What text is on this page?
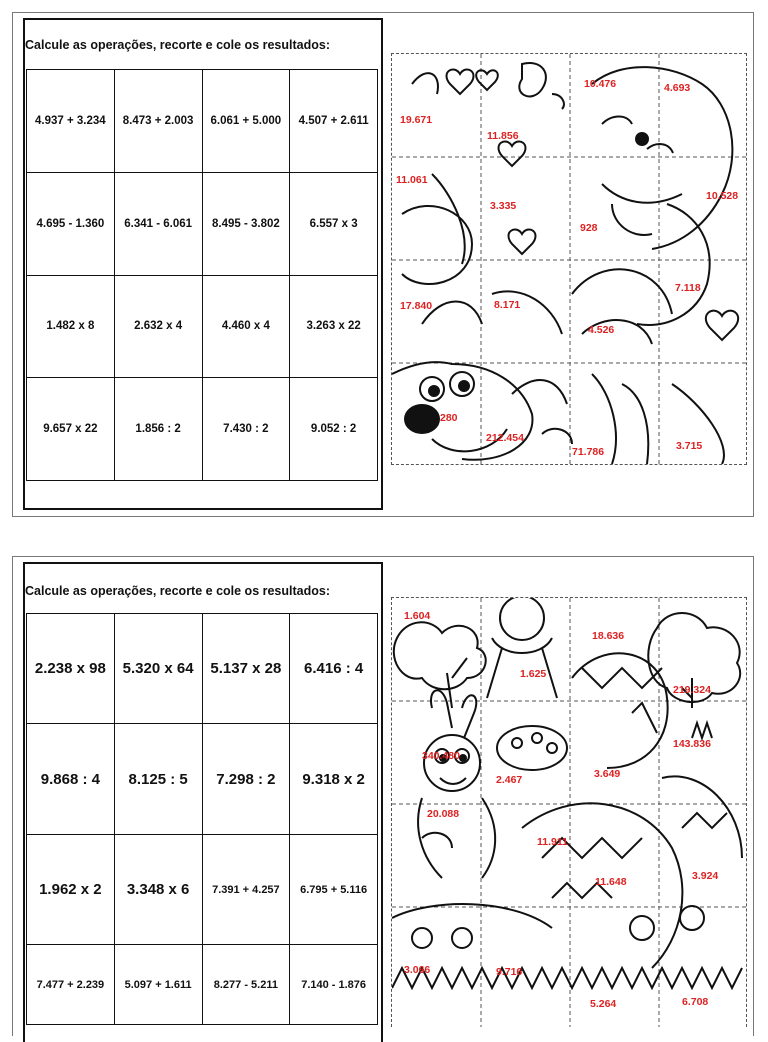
Calcule as operações, recorte e cole os resultados:
4.937 + 3.234	8.473 + 2.003	6.061 + 5.000	4.507 + 2.611
4.695 - 1.360	6.341 - 6.061	8.495 - 3.802	6.557 x 3
1.482 x 8	2.632 x 4	4.460 x 4	3.263 x 22
9.657 x 22	1.856 : 2	7.430 : 2	9.052 : 2
19.671
11.856
10.476	4.693
11.061
3.335
928
10.528
17.840	8.171
4.526
7.118
280
212.454
71.786	3.715
Calcule as operações, recorte e cole os resultados:
2.238 x 98	5.320 x 64	5.137 x 28	6.416 : 4
9.868 : 4	8.125 : 5	7.298 : 2	9.318 x 2
1.962 x 2	3.348 x 6	7.391 + 4.257	6.795 + 5.116
7.477 + 2.239	5.097 + 1.611	8.277 - 5.211	7.140 - 1.876
1.604
1.625
18.636
219.324
340.480
2.467	3.649
143.836
20.088
11.911
11.648	3.924
3.066	9.716
5.264	6.708
